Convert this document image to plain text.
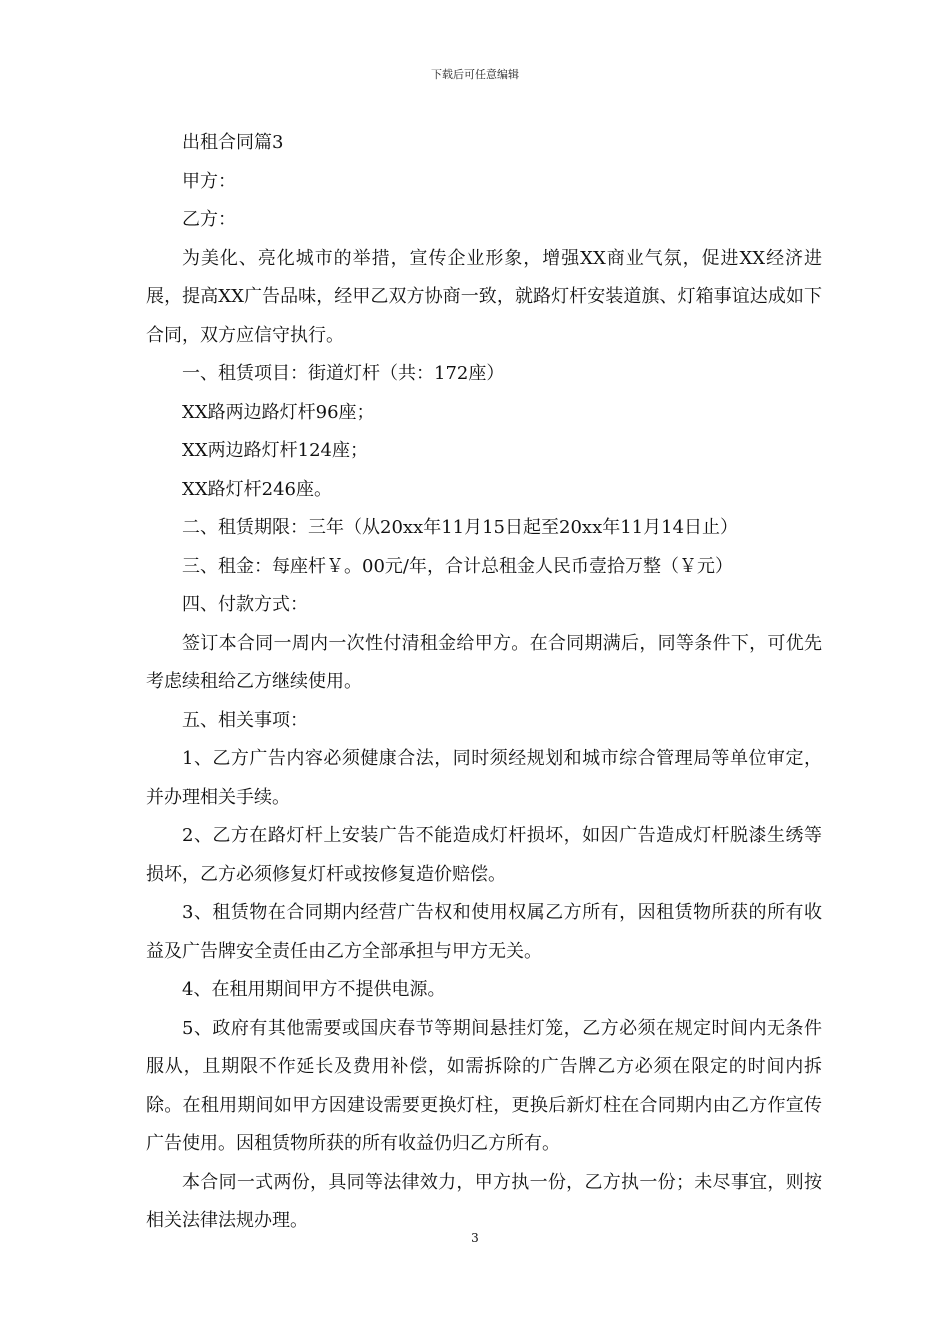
下载后可任意编辑

出租合同篇3

甲方：

乙方：

为美化、亮化城市的举措，宣传企业形象，增强XX商业气氛，促进XX经济进展，提高XX广告品味，经甲乙双方协商一致，就路灯杆安装道旗、灯箱事谊达成如下合同，双方应信守执行。

一、租赁项目：街道灯杆（共：172座）

XX路两边路灯杆96座；

XX两边路灯杆124座；

XX路灯杆246座。

二、租赁期限：三年（从20xx年11月15日起至20xx年11月14日止）

三、租金：每座杆￥。00元/年，合计总租金人民币壹拾万整（￥元）

四、付款方式：

签订本合同一周内一次性付清租金给甲方。在合同期满后，同等条件下，可优先考虑续租给乙方继续使用。

五、相关事项：

1、乙方广告内容必须健康合法，同时须经规划和城市综合管理局等单位审定，并办理相关手续。

2、乙方在路灯杆上安装广告不能造成灯杆损坏，如因广告造成灯杆脱漆生绣等损坏，乙方必须修复灯杆或按修复造价赔偿。

3、租赁物在合同期内经营广告权和使用权属乙方所有，因租赁物所获的所有收益及广告牌安全责任由乙方全部承担与甲方无关。

4、在租用期间甲方不提供电源。

5、政府有其他需要或国庆春节等期间悬挂灯笼，乙方必须在规定时间内无条件服从，且期限不作延长及费用补偿，如需拆除的广告牌乙方必须在限定的时间内拆除。在租用期间如甲方因建设需要更换灯柱，更换后新灯柱在合同期内由乙方作宣传广告使用。因租赁物所获的所有收益仍归乙方所有。

本合同一式两份，具同等法律效力，甲方执一份，乙方执一份；未尽事宜，则按相关法律法规办理。

3
